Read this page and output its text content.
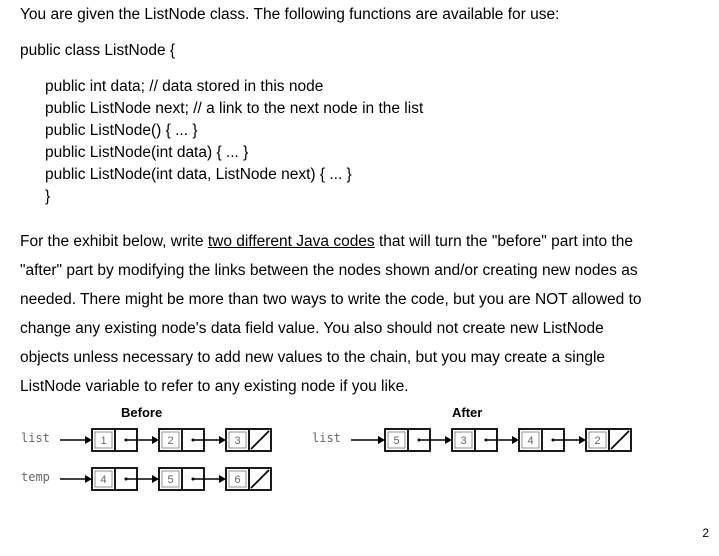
You are given the ListNode class. The following functions are available for use:
public class ListNode {
public int data; // data stored in this node
public ListNode next; // a link to the next node in the list
public ListNode() { ... }
public ListNode(int data) { ... }
public ListNode(int data, ListNode next) { ... }
}
For the exhibit below, write two different Java codes that will turn the "before" part into the
"after" part by modifying the links between the nodes shown and/or creating new nodes as
needed. There might be more than two ways to write the code, but you are NOT allowed to
change any existing node's data field value. You also should not create new ListNode
objects unless necessary to add new values to the chain, but you may create a single
ListNode variable to refer to any existing node if you like.
Before	After
list
temp
list
1	2	3
4	5	6
5	3	4	2
2
